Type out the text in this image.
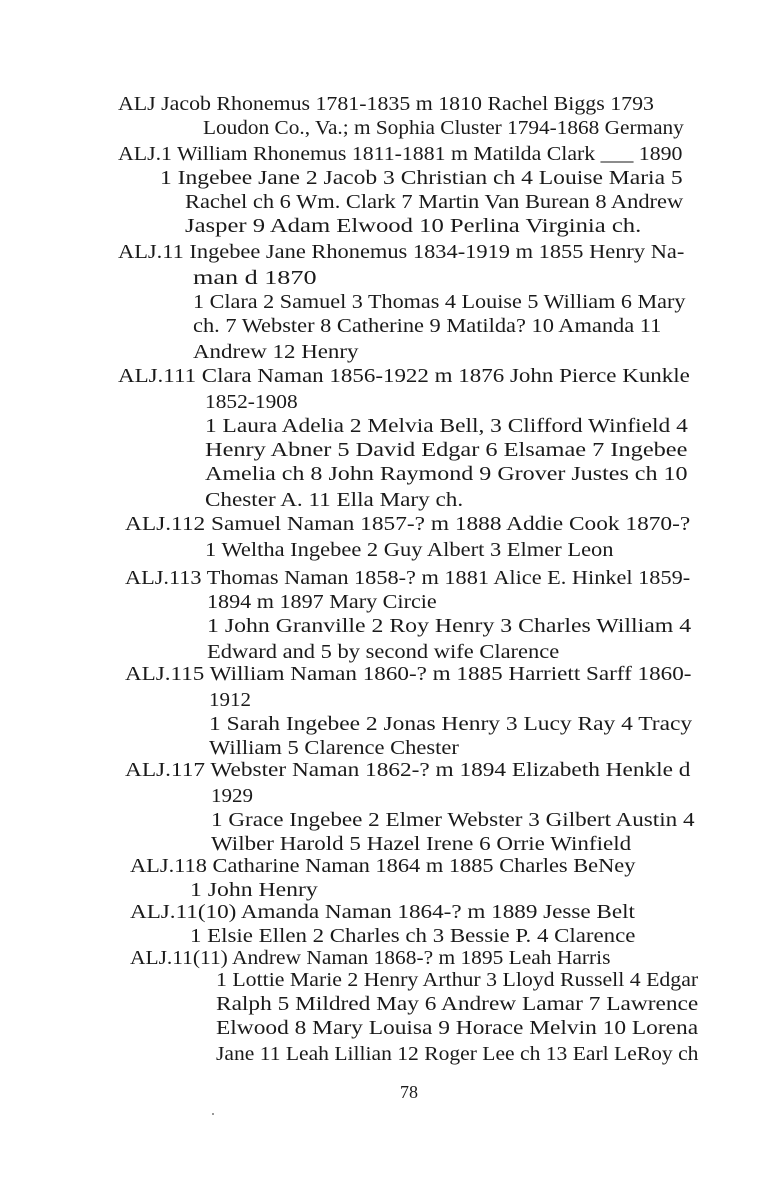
ALJ Jacob Rhonemus 1781-1835 m 1810 Rachel Biggs 1793
Loudon Co., Va.; m Sophia Cluster 1794-1868 Germany
ALJ.1 William Rhonemus 1811-1881 m Matilda Clark ___ 1890
1 Ingebee Jane 2 Jacob 3 Christian ch 4 Louise Maria 5
Rachel ch 6 Wm. Clark 7 Martin Van Burean 8 Andrew
Jasper 9 Adam Elwood 10 Perlina Virginia ch.
ALJ.11 Ingebee Jane Rhonemus 1834-1919 m 1855 Henry Na-
man d 1870
1 Clara 2 Samuel 3 Thomas 4 Louise 5 William 6 Mary
ch. 7 Webster 8 Catherine 9 Matilda? 10 Amanda 11
Andrew 12 Henry
ALJ.111 Clara Naman 1856-1922 m 1876 John Pierce Kunkle
1852-1908
1 Laura Adelia 2 Melvia Bell, 3 Clifford Winfield 4
Henry Abner 5 David Edgar 6 Elsamae 7 Ingebee
Amelia ch 8 John Raymond 9 Grover Justes ch 10
Chester A. 11 Ella Mary ch.
ALJ.112 Samuel Naman 1857-? m 1888 Addie Cook 1870-?
1 Weltha Ingebee 2 Guy Albert 3 Elmer Leon
ALJ.113 Thomas Naman 1858-? m 1881 Alice E. Hinkel 1859-
1894 m 1897 Mary Circie
1 John Granville 2 Roy Henry 3 Charles William 4
Edward and 5 by second wife Clarence
ALJ.115 William Naman 1860-? m 1885 Harriett Sarff 1860-
1912
1 Sarah Ingebee 2 Jonas Henry 3 Lucy Ray 4 Tracy
William 5 Clarence Chester
ALJ.117 Webster Naman 1862-? m 1894 Elizabeth Henkle d
1929
1 Grace Ingebee 2 Elmer Webster 3 Gilbert Austin 4
Wilber Harold 5 Hazel Irene 6 Orrie Winfield
ALJ.118 Catharine Naman 1864 m 1885 Charles BeNey
1 John Henry
ALJ.11(10) Amanda Naman 1864-? m 1889 Jesse Belt
1 Elsie Ellen 2 Charles ch 3 Bessie P. 4 Clarence
ALJ.11(11) Andrew Naman 1868-? m 1895 Leah Harris
1 Lottie Marie 2 Henry Arthur 3 Lloyd Russell 4 Edgar
Ralph 5 Mildred May 6 Andrew Lamar 7 Lawrence
Elwood 8 Mary Louisa 9 Horace Melvin 10 Lorena
Jane 11 Leah Lillian 12 Roger Lee ch 13 Earl LeRoy ch
78
